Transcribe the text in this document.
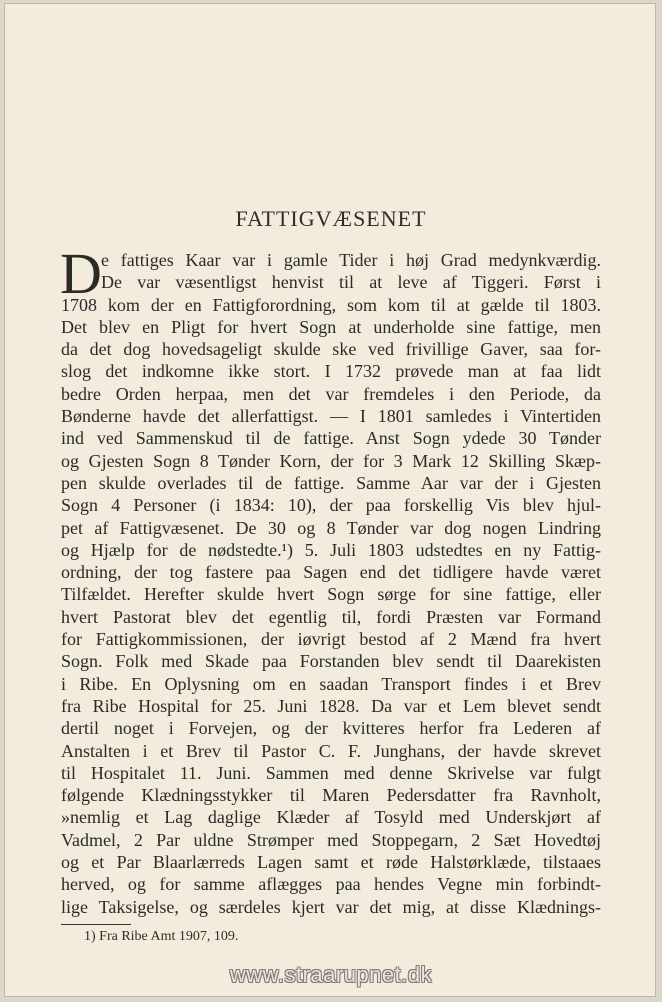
FATTIGVÆSENET
D e fattiges Kaar var i gamle Tider i høj Grad medynkværdig.
De var væsentligst henvist til at leve af Tiggeri. Først i
1708 kom der en Fattigforordning, som kom til at gælde til 1803.
Det blev en Pligt for hvert Sogn at underholde sine fattige, men
da det dog hovedsageligt skulde ske ved frivillige Gaver, saa for-
slog det indkomne ikke stort. I 1732 prøvede man at faa lidt
bedre Orden herpaa, men det var fremdeles i den Periode, da
Bønderne havde det allerfattigst. — I 1801 samledes i Vintertiden
ind ved Sammenskud til de fattige. Anst Sogn ydede 30 Tønder
og Gjesten Sogn 8 Tønder Korn, der for 3 Mark 12 Skilling Skæp-
pen skulde overlades til de fattige. Samme Aar var der i Gjesten
Sogn 4 Personer (i 1834: 10), der paa forskellig Vis blev hjul-
pet af Fattigvæsenet. De 30 og 8 Tønder var dog nogen Lindring
og Hjælp for de nødstedte.¹) 5. Juli 1803 udstedtes en ny Fattig-
ordning, der tog fastere paa Sagen end det tidligere havde været
Tilfældet. Herefter skulde hvert Sogn sørge for sine fattige, eller
hvert Pastorat blev det egentlig til, fordi Præsten var Formand
for Fattigkommissionen, der iøvrigt bestod af 2 Mænd fra hvert
Sogn. Folk med Skade paa Forstanden blev sendt til Daarekisten
i Ribe. En Oplysning om en saadan Transport findes i et Brev
fra Ribe Hospital for 25. Juni 1828. Da var et Lem blevet sendt
dertil noget i Forvejen, og der kvitteres herfor fra Lederen af
Anstalten i et Brev til Pastor C. F. Junghans, der havde skrevet
til Hospitalet 11. Juni. Sammen med denne Skrivelse var fulgt
følgende Klædningsstykker til Maren Pedersdatter fra Ravnholt,
»nemlig et Lag daglige Klæder af Tosyld med Underskjørt af
Vadmel, 2 Par uldne Strømper med Stoppegarn, 2 Sæt Hovedtøj
og et Par Blaarlærreds Lagen samt et røde Halstørklæde, tilstaaes
herved, og for samme aflægges paa hendes Vegne min forbindt-
lige Taksigelse, og særdeles kjert var det mig, at disse Klædnings-
1) Fra Ribe Amt 1907, 109.
www.straarupnet.dk
